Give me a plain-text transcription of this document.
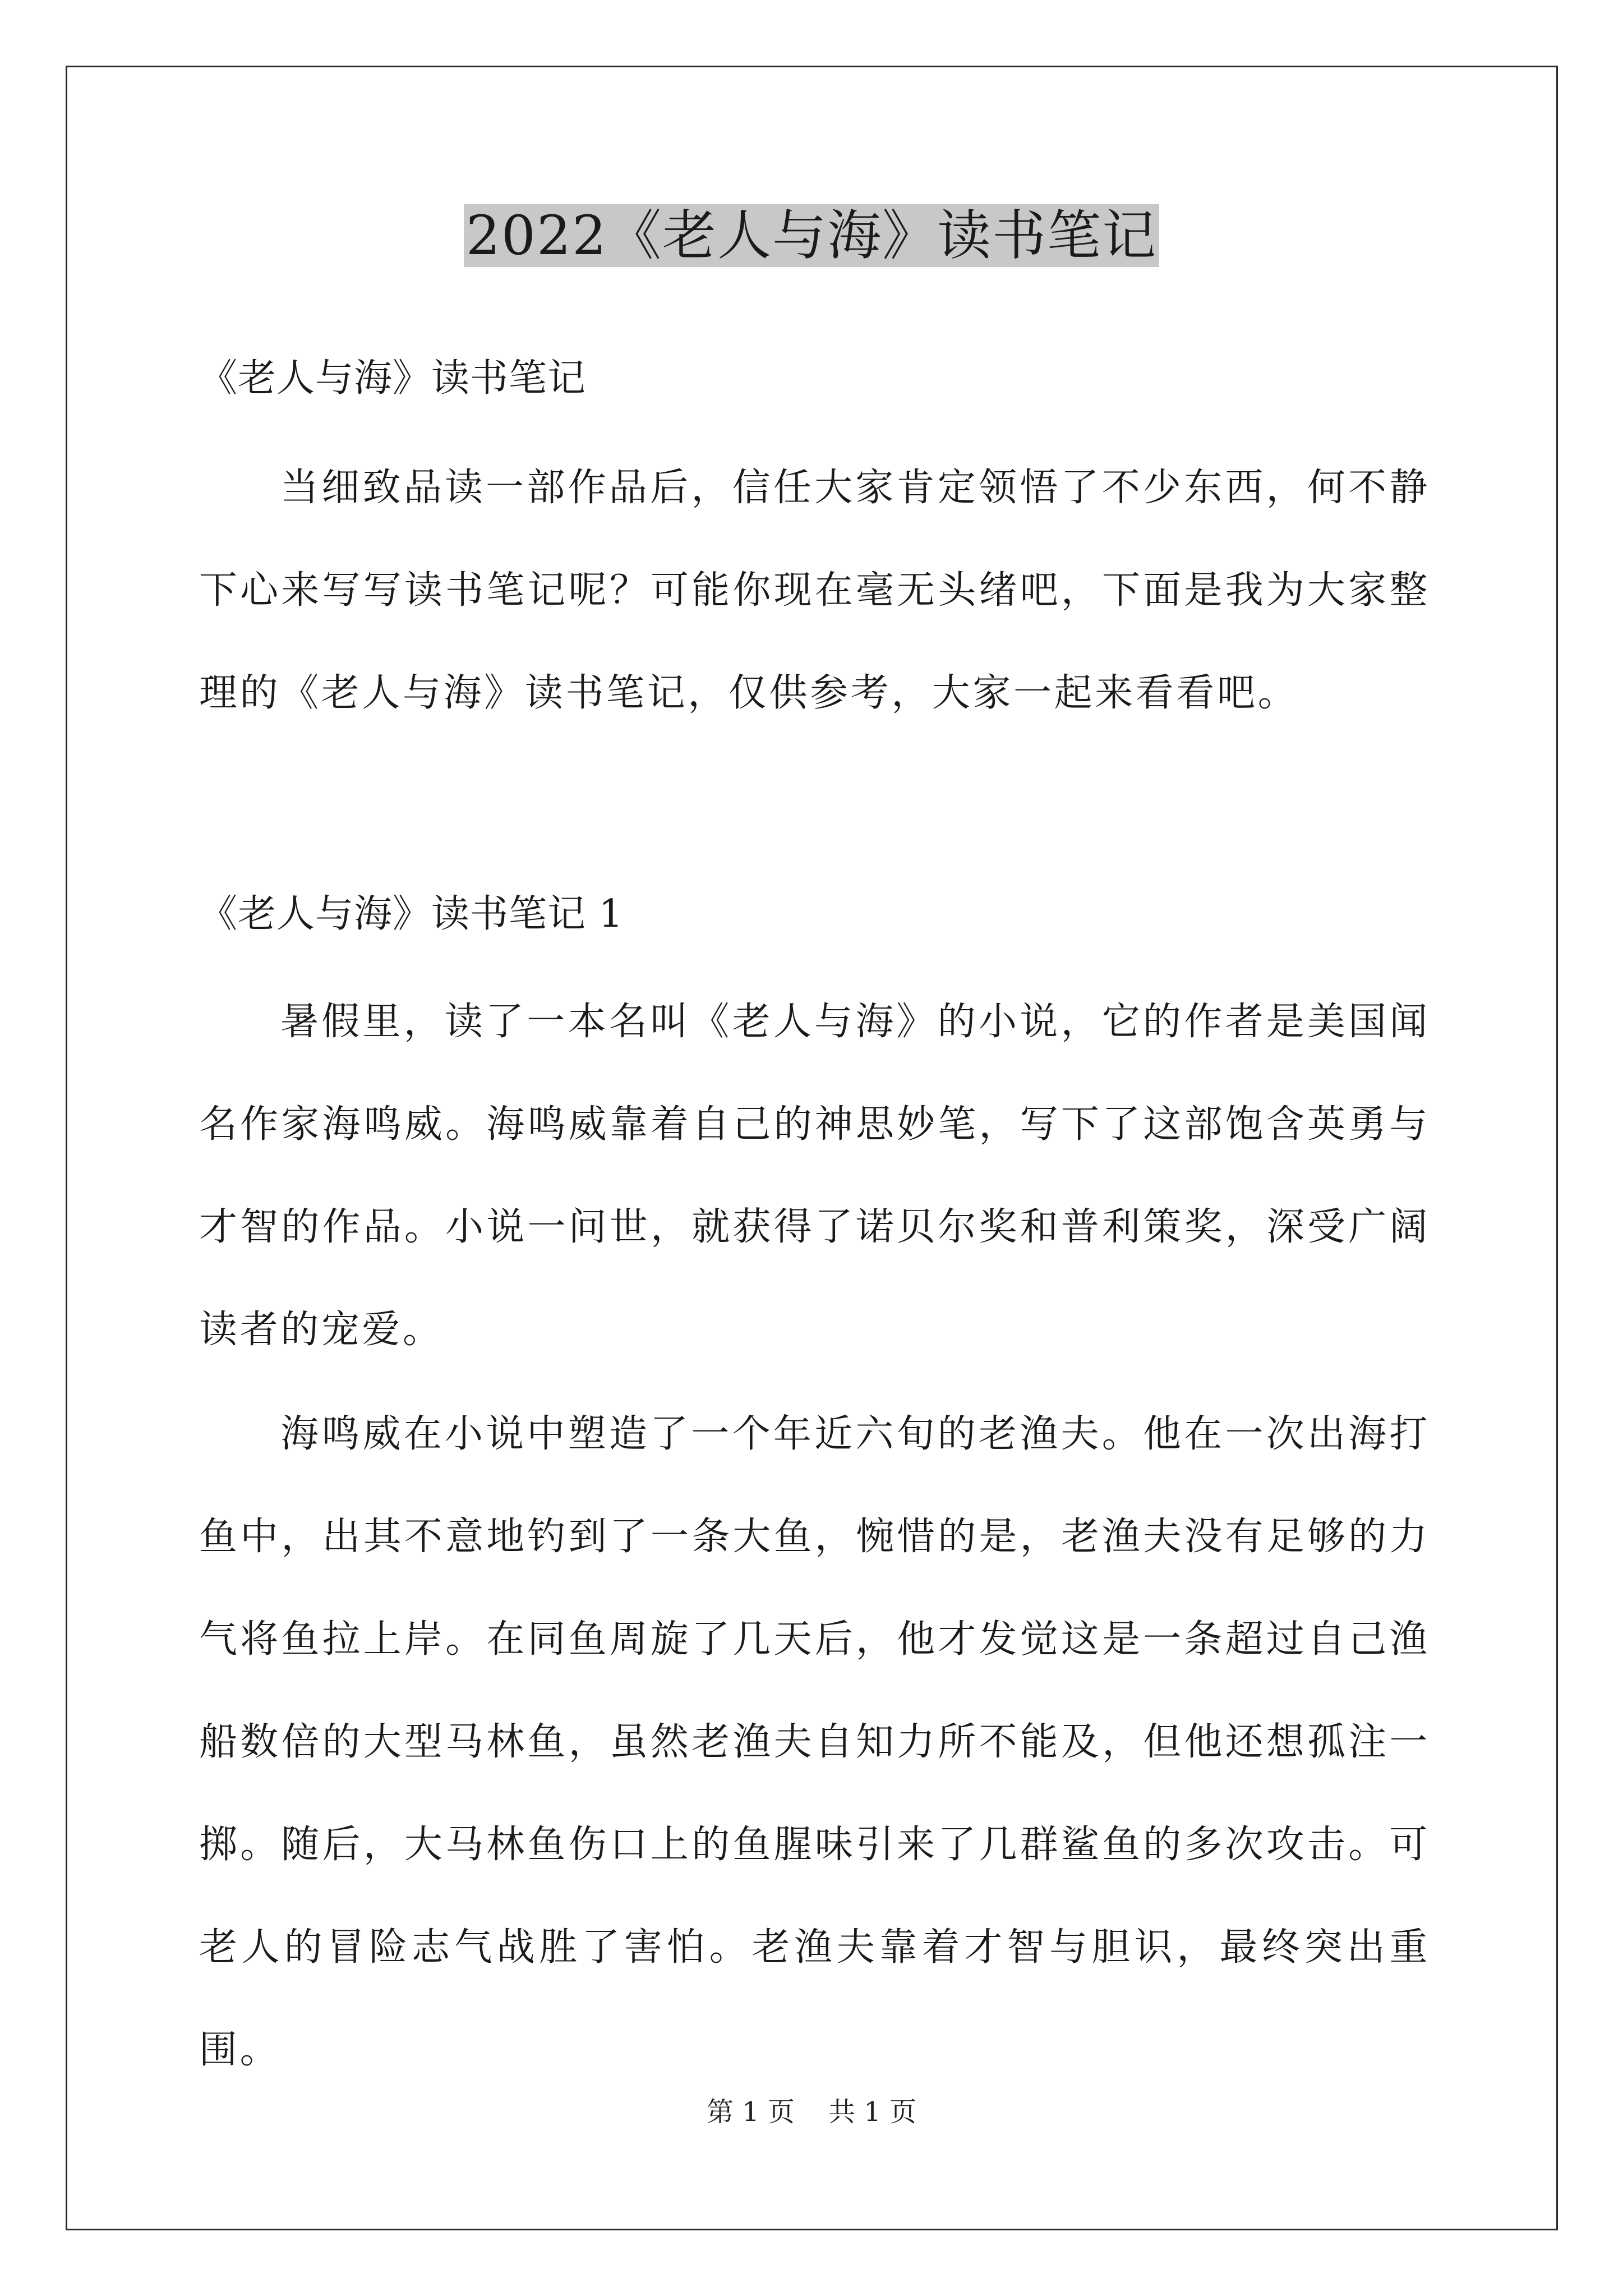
2022《老人与海》读书笔记
《老人与海》读书笔记

当细致品读一部作品后，信任大家肯定领悟了不少东西，何不静下心来写写读书笔记呢？可能你现在毫无头绪吧，下面是我为大家整理的《老人与海》读书笔记，仅供参考，大家一起来看看吧。

《老人与海》读书笔记 1

暑假里，读了一本名叫《老人与海》的小说，它的作者是美国闻名作家海鸣威。海鸣威靠着自己的神思妙笔，写下了这部饱含英勇与才智的作品。小说一问世，就获得了诺贝尔奖和普利策奖，深受广阔读者的宠爱。

海鸣威在小说中塑造了一个年近六旬的老渔夫。他在一次出海打鱼中，出其不意地钓到了一条大鱼，惋惜的是，老渔夫没有足够的力气将鱼拉上岸。在同鱼周旋了几天后，他才发觉这是一条超过自己渔船数倍的大型马林鱼，虽然老渔夫自知力所不能及，但他还想孤注一掷。随后，大马林鱼伤口上的鱼腥味引来了几群鲨鱼的多次攻击。可老人的冒险志气战胜了害怕。老渔夫靠着才智与胆识，最终突出重围。

第 1 页 共 1 页
